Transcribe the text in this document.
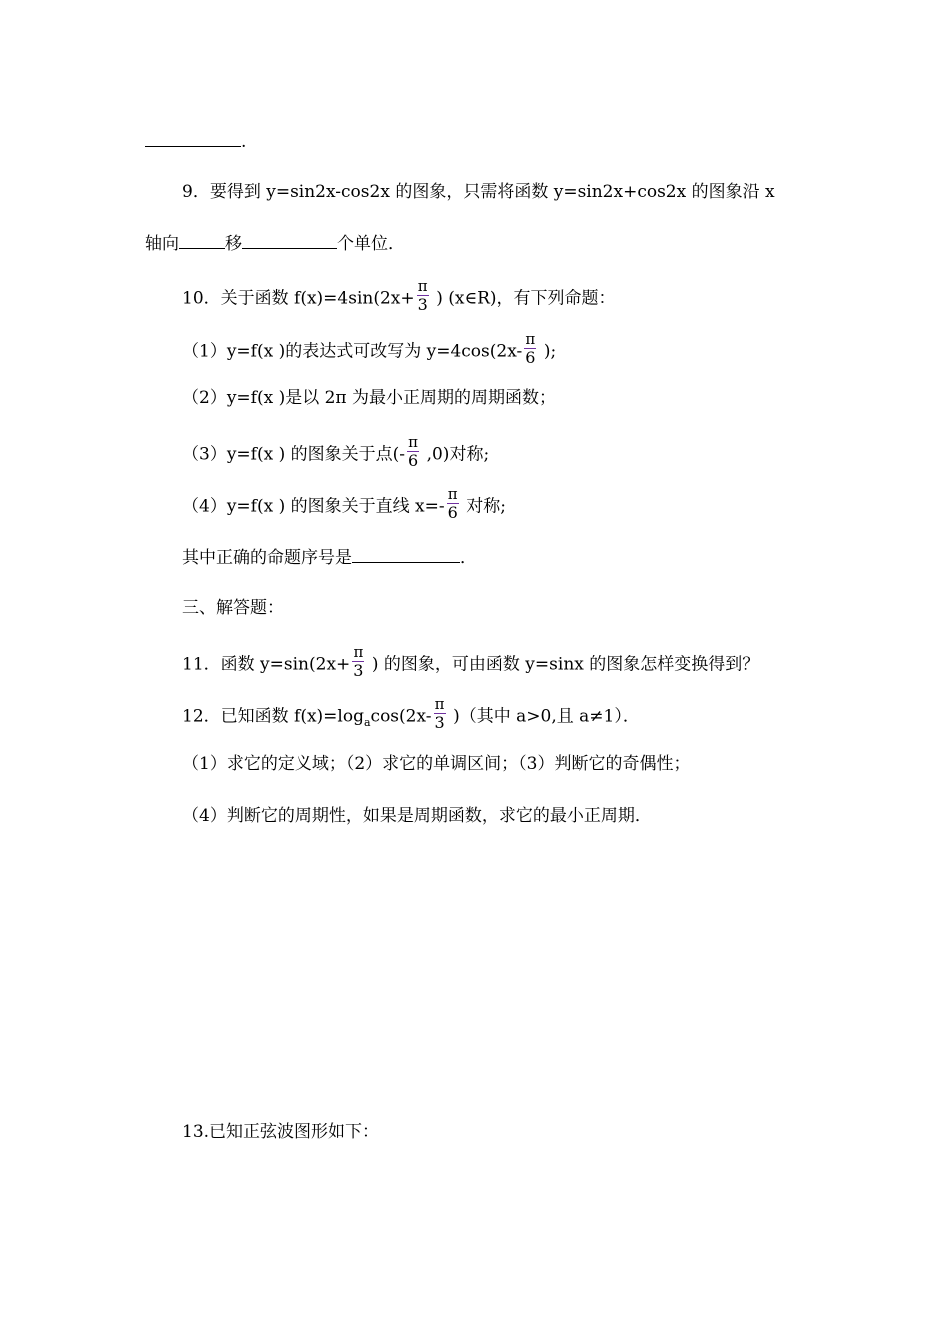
.
9．要得到 y=sin2x-cos2x 的图象，只需将函数 y=sin2x+cos2x 的图象沿 x
轴向	移	个单位．
10．关于函数 $f(x)=4\sin(2x+ \frac{\pi}{3}$ ) (x∈R)，有下列命题：
（1）y=f(x )的表达式可改写为 $y=4\cos(2x- \frac{\pi}{6}$ );
（2）y=f(x )是以 2π 为最小正周期的周期函数；
（3）y=f(x ) 的图象关于点(- $\frac{\pi}{6} ,0$)对称;
（4）y=f(x ) 的图象关于直线 $x=- \frac{\pi}{6}$ 对称;
其中正确的命题序号是	．
三、解答题：
11．函数 $y=\sin(2x+ \frac{\pi}{3}$ ) 的图象，可由函数 y=sinx 的图象怎样变换得到？
12．已知函数 $f(x)=\log_a\cos(2x- \frac{\pi}{3}$ )（其中 a>0,且 a≠1）．
（1）求它的定义域；（2）求它的单调区间；（3）判断它的奇偶性；
（4）判断它的周期性，如果是周期函数，求它的最小正周期．
13.已知正弦波图形如下：
